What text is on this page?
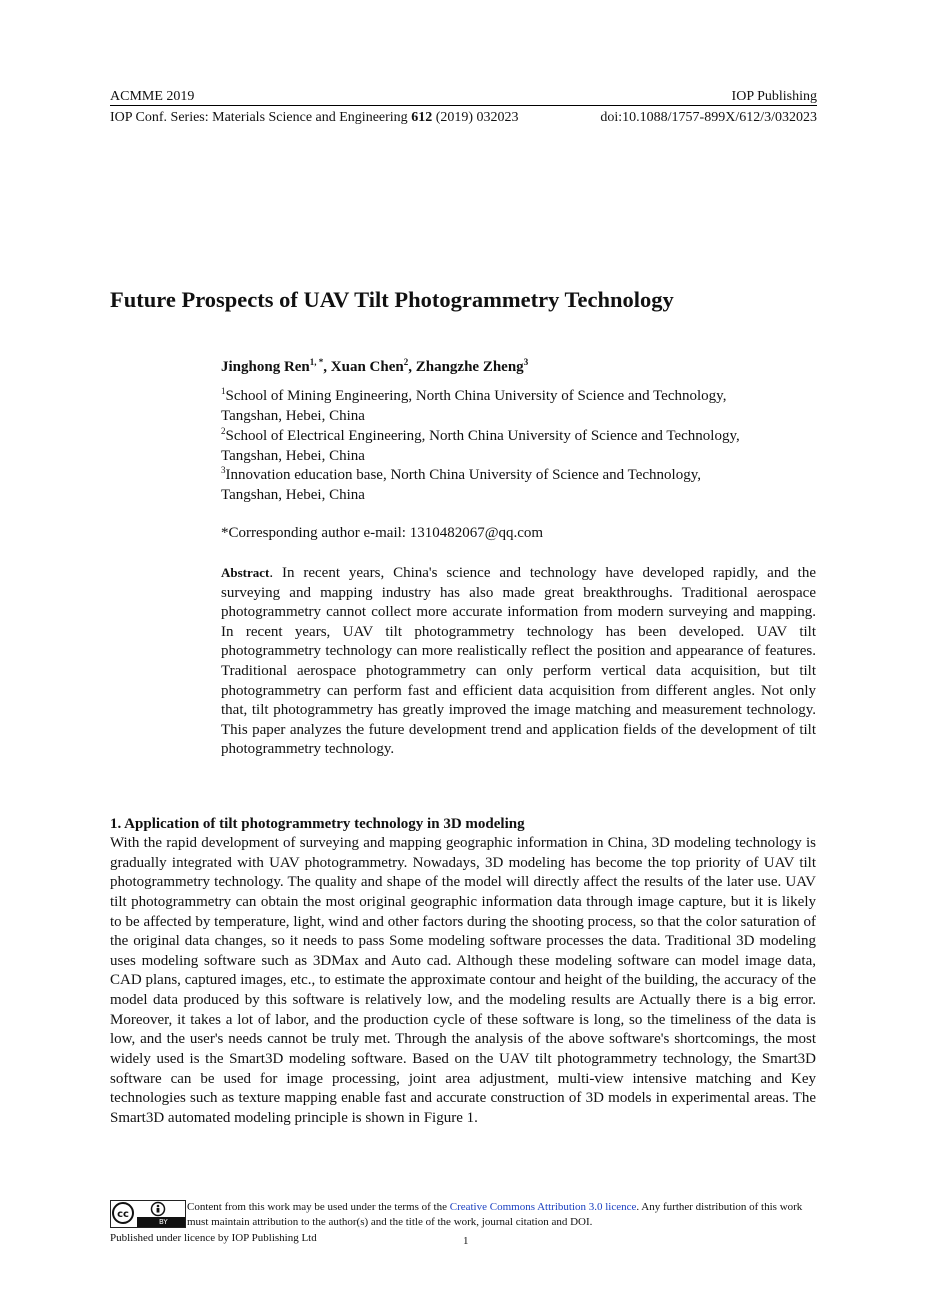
ACMME 2019	IOP Publishing
IOP Conf. Series: Materials Science and Engineering 612 (2019) 032023	doi:10.1088/1757-899X/612/3/032023
Future Prospects of UAV Tilt Photogrammetry Technology
Jinghong Ren$^{1, *}$, Xuan Chen$^2$, Zhangzhe Zheng$^3$
$^1$School of Mining Engineering, North China University of Science and Technology,
Tangshan, Hebei, China
$^2$School of Electrical Engineering, North China University of Science and Technology,
Tangshan, Hebei, China
$^3$Innovation education base, North China University of Science and Technology,
Tangshan, Hebei, China
*Corresponding author e-mail: 1310482067@qq.com
Abstract. In recent years, China's science and technology have developed rapidly, and the surveying and mapping industry has also made great breakthroughs. Traditional aerospace photogrammetry cannot collect more accurate information from modern surveying and mapping. In recent years, UAV tilt photogrammetry technology has been developed. UAV tilt photogrammetry technology can more realistically reflect the position and appearance of features. Traditional aerospace photogrammetry can only perform vertical data acquisition, but tilt photogrammetry can perform fast and efficient data acquisition from different angles. Not only that, tilt photogrammetry has greatly improved the image matching and measurement technology. This paper analyzes the future development trend and application fields of the development of tilt photogrammetry technology.
1. Application of tilt photogrammetry technology in 3D modeling
With the rapid development of surveying and mapping geographic information in China, 3D modeling technology is gradually integrated with UAV photogrammetry. Nowadays, 3D modeling has become the top priority of UAV tilt photogrammetry technology. The quality and shape of the model will directly affect the results of the later use. UAV tilt photogrammetry can obtain the most original geographic information data through image capture, but it is likely to be affected by temperature, light, wind and other factors during the shooting process, so that the color saturation of the original data changes, so it needs to pass Some modeling software processes the data. Traditional 3D modeling uses modeling software such as 3DMax and Auto cad. Although these modeling software can model image data, CAD plans, captured images, etc., to estimate the approximate contour and height of the building, the accuracy of the model data produced by this software is relatively low, and the modeling results are Actually there is a big error. Moreover, it takes a lot of labor, and the production cycle of these software is long, so the timeliness of the data is low, and the user's needs cannot be truly met. Through the analysis of the above software's shortcomings, the most widely used is the Smart3D modeling software. Based on the UAV tilt photogrammetry technology, the Smart3D software can be used for image processing, joint area adjustment, multi-view intensive matching and Key technologies such as texture mapping enable fast and accurate construction of 3D models in experimental areas. The Smart3D automated modeling principle is shown in Figure 1.
cc
BY
Content from this work may be used under the terms of the Creative Commons Attribution 3.0 licence. Any further distribution of this work must maintain attribution to the author(s) and the title of the work, journal citation and DOI.
Published under licence by IOP Publishing Ltd	1
